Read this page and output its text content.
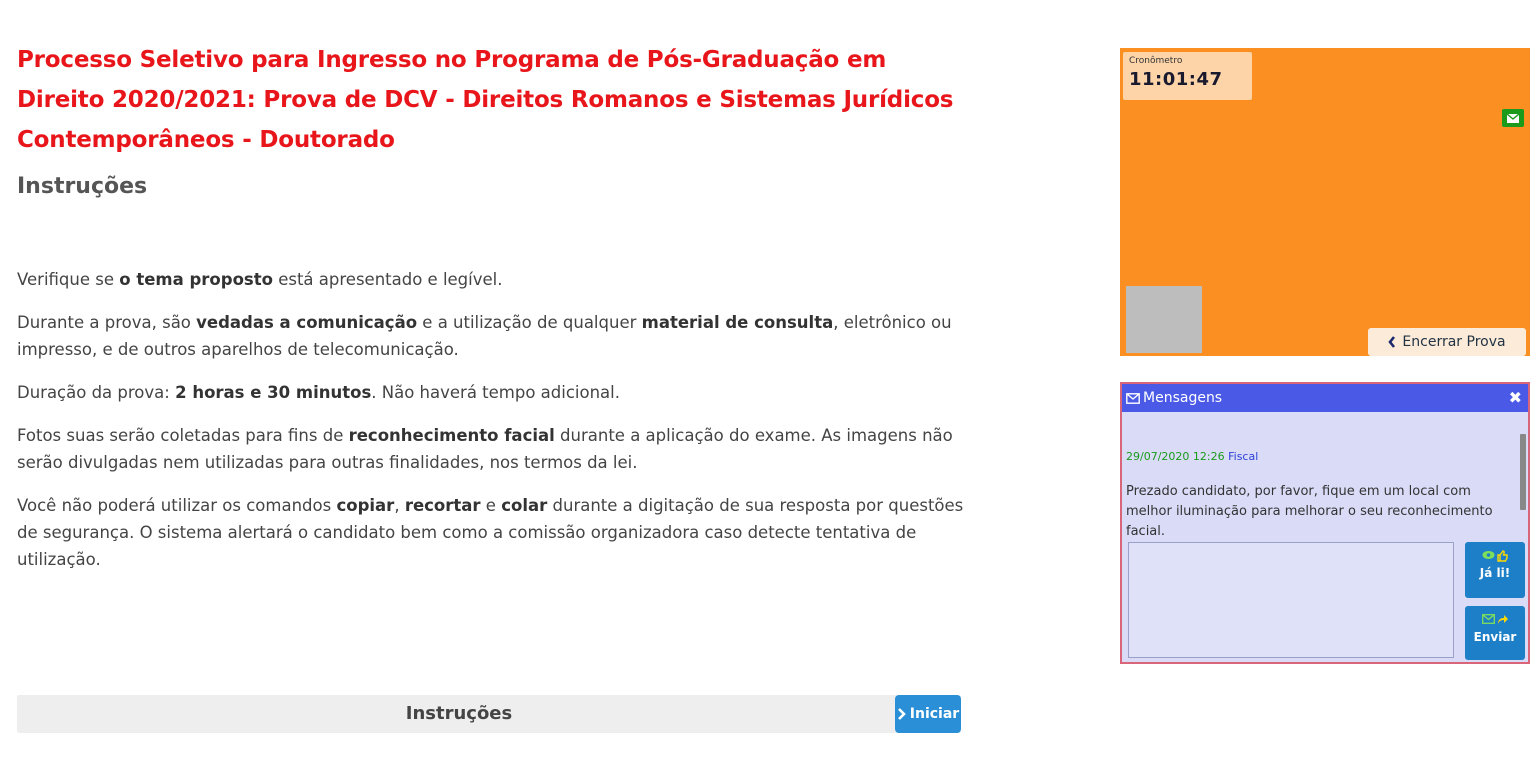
Processo Seletivo para Ingresso no Programa de Pós-Graduação em Direito 2020/2021: Prova de DCV - Direitos Romanos e Sistemas Jurídicos Contemporâneos - Doutorado
Instruções

Verifique se o tema proposto está apresentado e legível.

Durante a prova, são vedadas a comunicação e a utilização de qualquer material de consulta, eletrônico ou impresso, e de outros aparelhos de telecomunicação.

Duração da prova: 2 horas e 30 minutos. Não haverá tempo adicional.

Fotos suas serão coletadas para fins de reconhecimento facial durante a aplicação do exame. As imagens não serão divulgadas nem utilizadas para outras finalidades, nos termos da lei.

Você não poderá utilizar os comandos copiar, recortar e colar durante a digitação de sua resposta por questões de segurança. O sistema alertará o candidato bem como a comissão organizadora caso detecte tentativa de utilização.

Instruções	Iniciar
Cronômetro
11:01:47
Encerrar Prova
Mensagens	✖
29/07/2020 12:26 Fiscal
Prezado candidato, por favor, fique em um local com melhor iluminação para melhorar o seu reconhecimento facial.
Já li!
Enviar
